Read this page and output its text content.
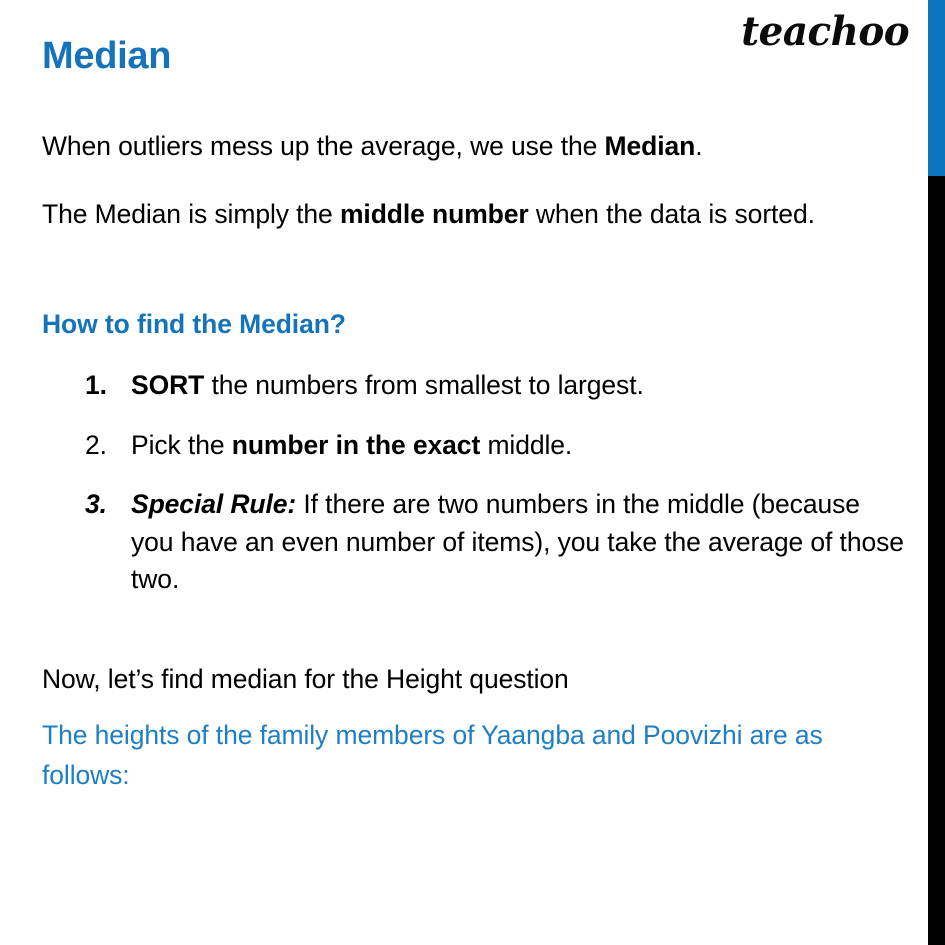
teachoo
Median

When outliers mess up the average, we use the Median.

The Median is simply the middle number when the data is sorted.

How to find the Median?

1. SORT the numbers from smallest to largest.
2. Pick the number in the exact middle.
3. Special Rule: If there are two numbers in the middle (because you have an even number of items), you take the average of those two.

Now, let’s find median for the Height question

The heights of the family members of Yaangba and Poovizhi are as follows:
